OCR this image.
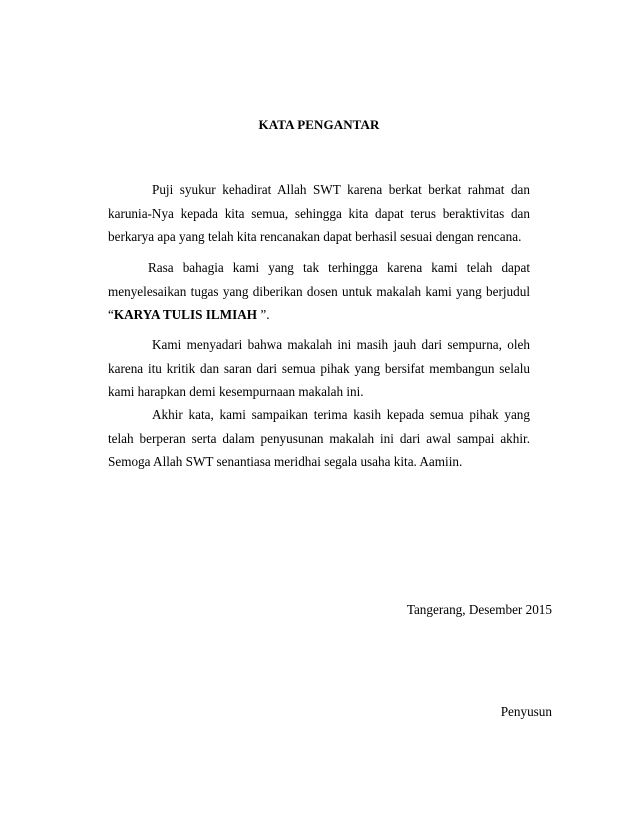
KATA PENGANTAR

Puji syukur kehadirat Allah SWT karena berkat berkat rahmat dan karunia-Nya kepada kita semua, sehingga kita dapat terus beraktivitas dan berkarya apa yang telah kita rencanakan dapat berhasil sesuai dengan rencana.

Rasa bahagia kami yang tak terhingga karena kami telah dapat menyelesaikan tugas yang diberikan dosen untuk makalah kami yang berjudul “KARYA TULIS ILMIAH ”.

Kami menyadari bahwa makalah ini masih jauh dari sempurna, oleh karena itu kritik dan saran dari semua pihak yang bersifat membangun selalu kami harapkan demi kesempurnaan makalah ini.

Akhir kata, kami sampaikan terima kasih kepada semua pihak yang telah berperan serta dalam penyusunan makalah ini dari awal sampai akhir. Semoga Allah SWT senantiasa meridhai segala usaha kita. Aamiin.

Tangerang, Desember 2015
Penyusun
